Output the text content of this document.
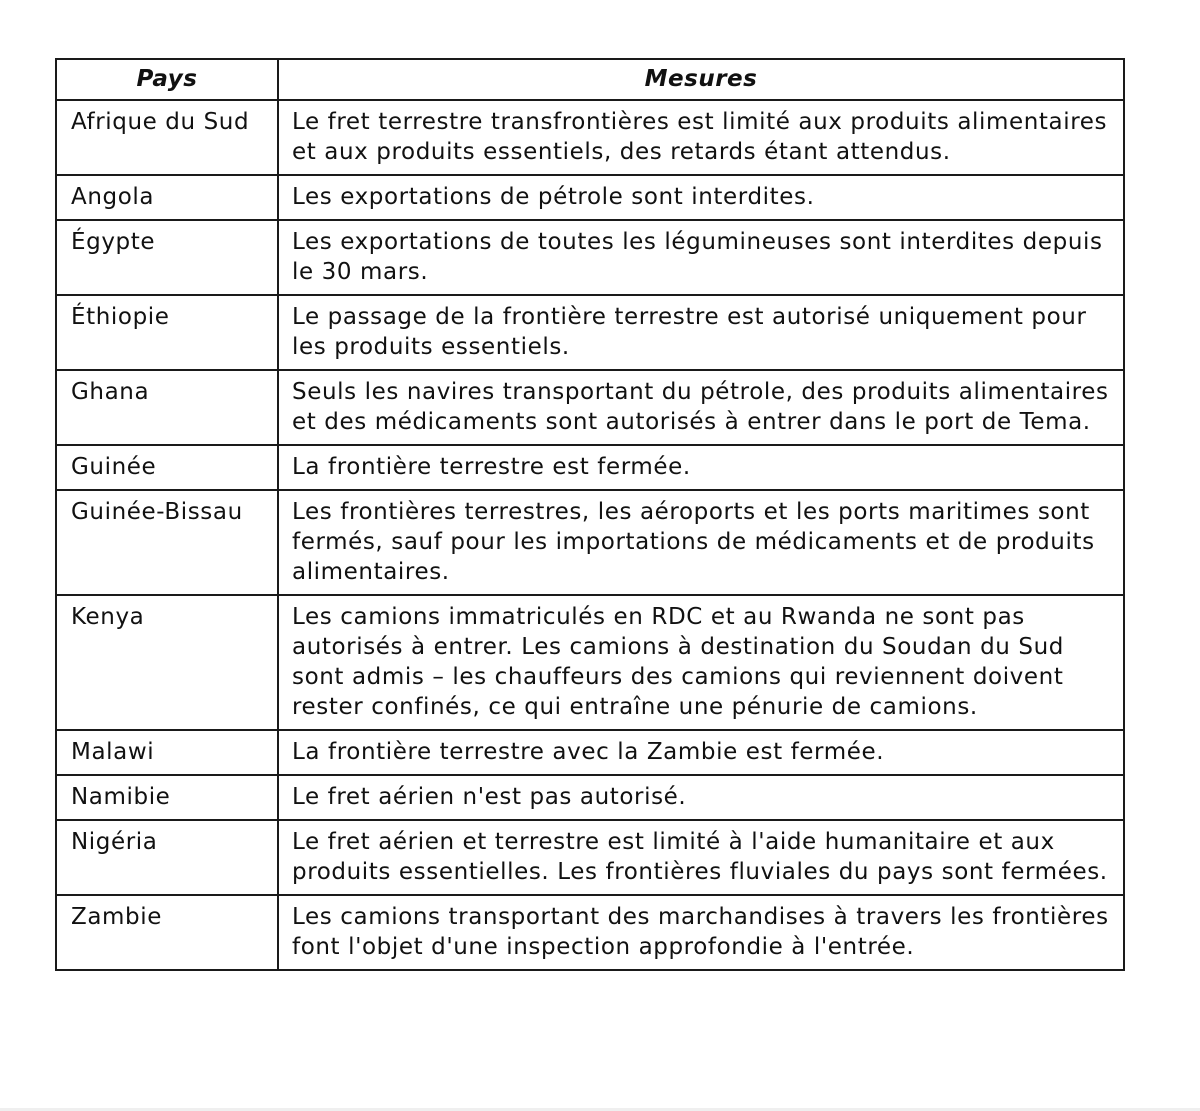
Pays	Mesures
Afrique du Sud	Le fret terrestre transfrontières est limité aux produits alimentaires et aux produits essentiels, des retards étant attendus.
Angola	Les exportations de pétrole sont interdites.
Égypte	Les exportations de toutes les légumineuses sont interdites depuis le 30 mars.
Éthiopie	Le passage de la frontière terrestre est autorisé uniquement pour les produits essentiels.
Ghana	Seuls les navires transportant du pétrole, des produits alimentaires et des médicaments sont autorisés à entrer dans le port de Tema.
Guinée	La frontière terrestre est fermée.
Guinée-Bissau	Les frontières terrestres, les aéroports et les ports maritimes sont fermés, sauf pour les importations de médicaments et de produits alimentaires.
Kenya	Les camions immatriculés en RDC et au Rwanda ne sont pas autorisés à entrer. Les camions à destination du Soudan du Sud sont admis – les chauffeurs des camions qui reviennent doivent rester confinés, ce qui entraîne une pénurie de camions.
Malawi	La frontière terrestre avec la Zambie est fermée.
Namibie	Le fret aérien n'est pas autorisé.
Nigéria	Le fret aérien et terrestre est limité à l'aide humanitaire et aux produits essentielles. Les frontières fluviales du pays sont fermées.
Zambie	Les camions transportant des marchandises à travers les frontières font l'objet d'une inspection approfondie à l'entrée.
